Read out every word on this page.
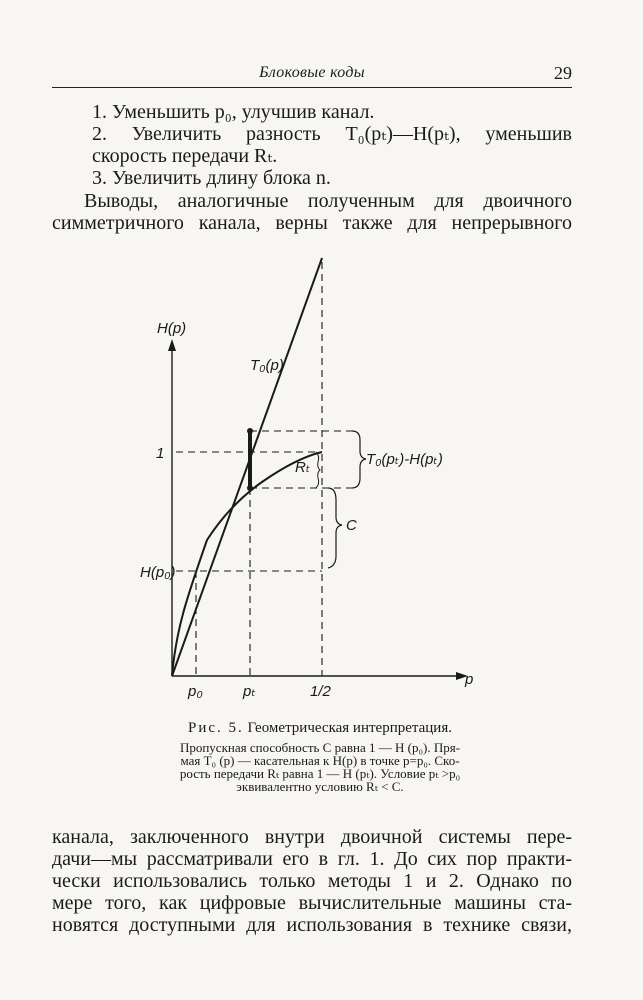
Блоковые коды	29

1. Уменьшить p₀, улучшив канал.

2. Увеличить разность T₀(pₜ)—H(pₜ), уменьшив

скорость передачи Rₜ.

3. Увеличить длину блока n.

Выводы, аналогичные полученным для двоичного

симметричного канала, верны также для непрерывного

H(p)
p
1
H(p₀)
p₀	pₜ	1/2
T₀(p)
Rₜ	T₀(pₜ)-H(pₜ)
C
Рис. 5. Геометрическая интерпретация.
Пропускная способность C равна 1 — H (p₀). Пря-
мая T₀ (p) — касательная к H(p) в точке p=p₀. Ско-
рость передачи Rₜ равна 1 — H (pₜ). Условие pₜ >p₀
эквивалентно условию Rₜ < C.

канала, заключенного внутри двоичной системы пере-

дачи—мы рассматривали его в гл. 1. До сих пор практи-

чески использовались только методы 1 и 2. Однако по

мере того, как цифровые вычислительные машины ста-

новятся доступными для использования в технике связи,
